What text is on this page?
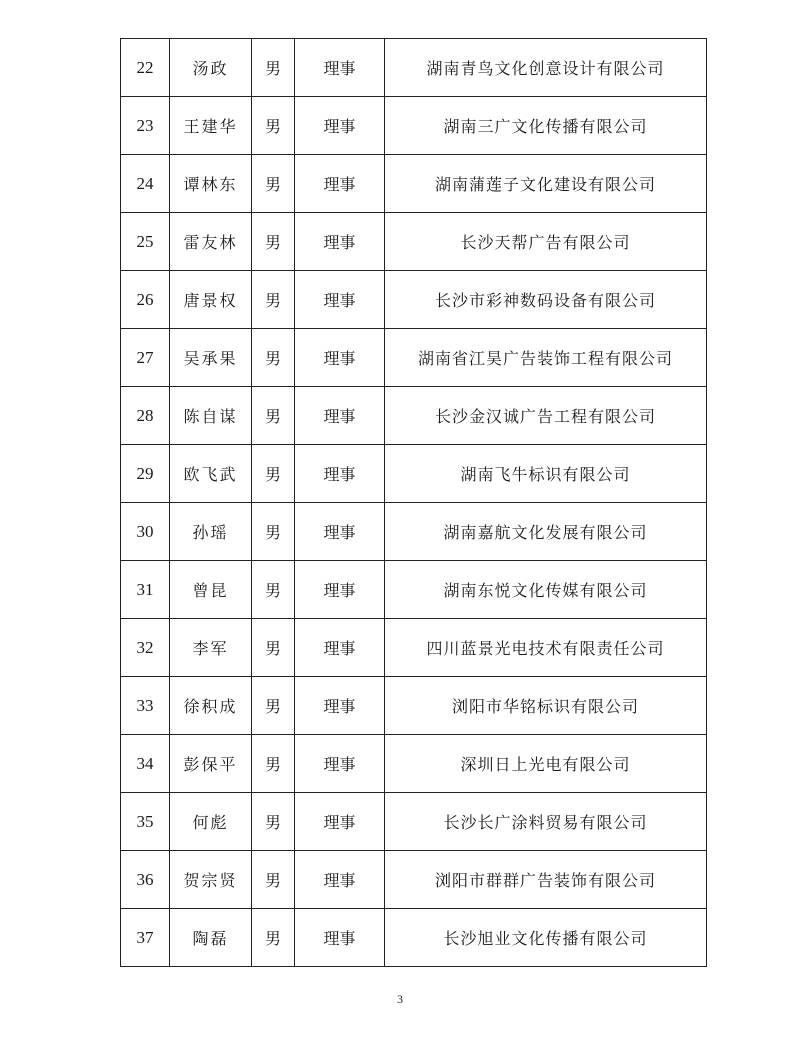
22	汤政	男	理事	湖南青鸟文化创意设计有限公司
23	王建华	男	理事	湖南三广文化传播有限公司
24	谭林东	男	理事	湖南蒲莲子文化建设有限公司
25	雷友林	男	理事	长沙天帮广告有限公司
26	唐景权	男	理事	长沙市彩神数码设备有限公司
27	吴承果	男	理事	湖南省江昊广告装饰工程有限公司
28	陈自谋	男	理事	长沙金汉诚广告工程有限公司
29	欧飞武	男	理事	湖南飞牛标识有限公司
30	孙瑶	男	理事	湖南嘉航文化发展有限公司
31	曾昆	男	理事	湖南东悦文化传媒有限公司
32	李军	男	理事	四川蓝景光电技术有限责任公司
33	徐积成	男	理事	浏阳市华铭标识有限公司
34	彭保平	男	理事	深圳日上光电有限公司
35	何彪	男	理事	长沙长广涂料贸易有限公司
36	贺宗贤	男	理事	浏阳市群群广告装饰有限公司
37	陶磊	男	理事	长沙旭业文化传播有限公司
3
